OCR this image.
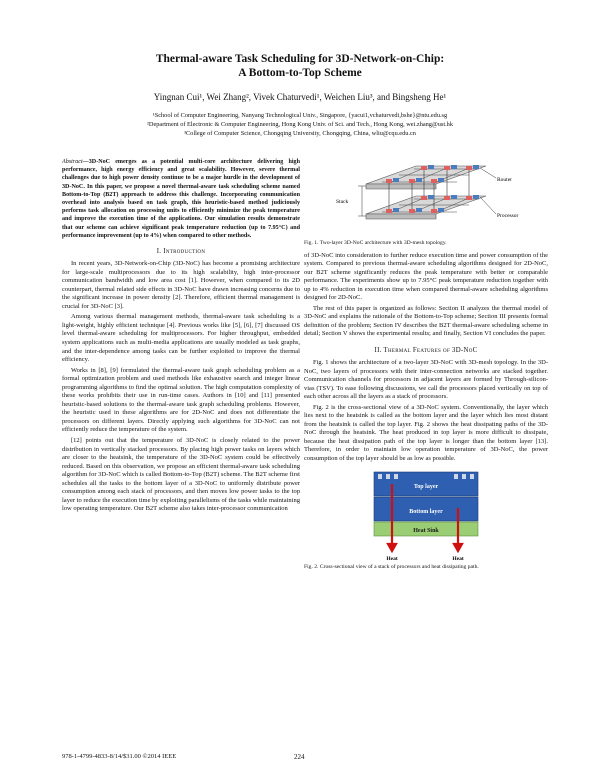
Thermal-aware Task Scheduling for 3D-Network-on-Chip:
A Bottom-to-Top Scheme
Yingnan Cui¹, Wei Zhang², Vivek Chaturvedi¹, Weichen Liu³, and Bingsheng He¹
¹School of Computer Engineering, Nanyang Technological Univ., Singapore, {yacui1,vchaturvedi,bshe}@ntu.edu.sg
²Department of Electronic & Computer Engineering, Hong Kong Univ. of Sci. and Tech., Hong Kong, wei.zhang@ust.hk
³College of Computer Science, Chongqing University, Chongqing, China, wliu@cqu.edu.cn
Abstract—3D-NoC emerges as a potential multi-core architecture delivering high performance, high energy efficiency and great scalability. However, severe thermal challenges due to high power density continue to be a major hurdle in the development of 3D-NoC. In this paper, we propose a novel thermal-aware task scheduling scheme named Bottom-to-Top (B2T) approach to address this challenge. Incorporating communication overhead into analysis based on task graph, this heuristic-based method judiciously performs task allocation on processing units to efficiently minimize the peak temperature and improve the execution time of the applications. Our simulation results demonstrate that our scheme can achieve significant peak temperature reduction (up to 7.95°C) and performance improvement (up to 4%) when compared to other methods.
I. Introduction

In recent years, 3D-Network-on-Chip (3D-NoC) has become a promising architecture for large-scale multiprocessors due to its high scalability, high inter-processor communication bandwidth and low area cost [1]. However, when compared to its 2D counterpart, thermal related side effects in 3D-NoC have drawn increasing concerns due to the significant increase in power density [2]. Therefore, efficient thermal management is crucial for 3D-NoC [3].

Among various thermal management methods, thermal-aware task scheduling is a light-weight, highly efficient technique [4]. Previous works like [5], [6], [7] discussed OS level thermal-aware scheduling for multiprocessors. For higher throughput, embedded system applications such as multi-media applications are usually modeled as task graphs, and the inter-dependence among tasks can be further exploited to improve the thermal efficiency.

Works in [8], [9] formulated the thermal-aware task graph scheduling problem as a formal optimization problem and used methods like exhaustive search and integer linear programming algorithms to find the optimal solution. The high computation complexity of these works prohibits their use in run-time cases. Authors in [10] and [11] presented heuristic-based solutions to the thermal-aware task graph scheduling problems. However, the heuristic used in these algorithms are for 2D-NoC and does not differentiate the processors on different layers. Directly applying such algorithms for 3D-NoC can not efficiently reduce the temperature of the system.

[12] points out that the temperature of 3D-NoC is closely related to the power distribution in vertically stacked processors. By placing high power tasks on layers which are closer to the heatsink, the temperature of the 3D-NoC system could be effectively reduced. Based on this observation, we propose an efficient thermal-aware task scheduling algorithm for 3D-NoC which is called Bottom-to-Top (B2T) scheme. The B2T scheme first schedules all the tasks to the bottom layer of a 3D-NoC to uniformly distribute power consumption among each stack of processors, and then moves low power tasks to the top layer to reduce the execution time by exploiting parallelisms of the tasks while maintaining low operating temperature. Our B2T scheme also takes inter-processor communication

Router
Processor
Stack
Fig. 1. Two-layer 3D-NoC architecture with 3D-mesh topology.

of 3D-NoC into consideration to further reduce execution time and power consumption of the system. Compared to previous thermal-aware scheduling algorithms designed for 2D-NoC, our B2T scheme significantly reduces the peak temperature with better or comparable performance. The experiments show up to 7.95°C peak temperature reduction together with up to 4% reduction in execution time when compared thermal-aware scheduling algorithms designed for 2D-NoC.

The rest of this paper is organized as follows: Section II analyzes the thermal model of 3D-NoC and explains the rationale of the Bottom-to-Top scheme; Section III presents formal definition of the problem; Section IV describes the B2T thermal-aware scheduling scheme in detail; Section V shows the experimental results; and finally, Section VI concludes the paper.

II. Thermal Features of 3D-NoC

Fig. 1 shows the architecture of a two-layer 3D-NoC with 3D-mesh topology. In the 3D-NoC, two layers of processors with their inter-connection networks are stacked together. Communication channels for processors in adjacent layers are formed by Through-silicon-vias (TSV). To ease following discussions, we call the processors placed vertically on top of each other across all the layers as a stack of processors.

Fig. 2 is the cross-sectional view of a 3D-NoC system. Conventionally, the layer which lies next to the heatsink is called as the bottom layer and the layer which lies most distant from the heatsink is called the top layer. Fig. 2 shows the heat dissipating paths of the 3D-NoC through the heatsink. The heat produced in top layer is more difficult to dissipate, because the heat dissipation path of the top layer is longer than the bottom layer [13]. Therefore, in order to maintain low operation temperature of 3D-NoC, the power consumption of the top layer should be as low as possible.

Top layer
Bottom layer
Heat Sink
Heat	Heat
Fig. 2. Cross-sectional view of a stack of processors and heat dissipating path.
978-1-4799-4833-8/14/$31.00 ©2014 IEEE	224
